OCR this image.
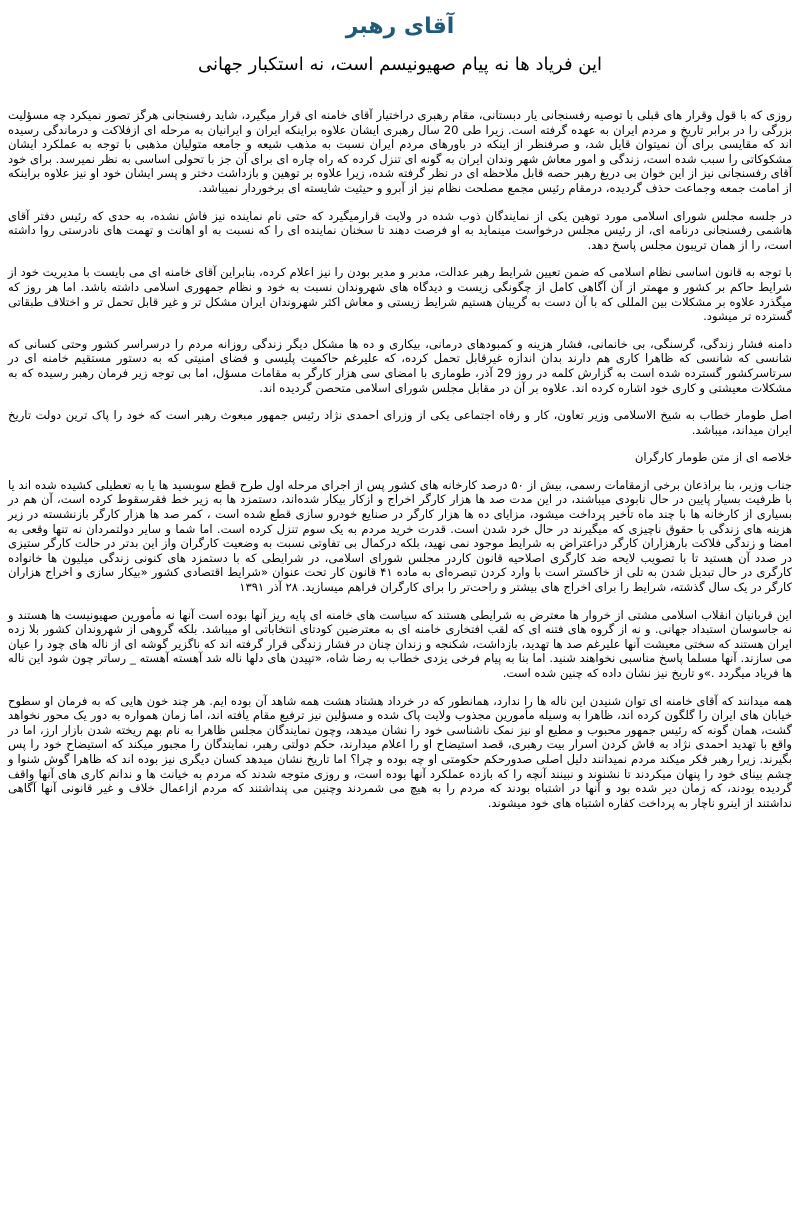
آقای رهبر
این فریاد ها نه پیام صهیونیسم است، نه استکبار جهانی

روزی که با قول وقرار های قبلی با توصیه رفسنجانی یار دبستانی، مقام رهبری دراختیار آقای خامنه ای قرار میگیرد، شاید رفسنجانی هرگز تصور نمیکرد چه مسؤلیت بزرگی را در برابر تاریخ و مردم ایران به عهده گرفته است. زیرا طی 20 سال رهبری ایشان علاوه براینکه ایران و ایرانیان به مرحله ای ازفلاکت و درماندگی رسیده اند که مقایسی برای آن نمیتوان قایل شد، و صرفنظر از اینکه در باورهای مردم ایران نسبت به مذهب شیعه و جامعه متولیان مذهبی با توجه به عملکرد ایشان مشکوکاتی را سبب شده است، زندگی و امور معاش شهر وندان ایران به گونه ای تنزل کرده که راه چاره ای برای آن جز با تحولی اساسی به نظر نمیرسد. برای خود آقای رفسنجانی نیز از این خوان بی دریغ رهبر حصه قابل ملاحظه ای در نظر گرفته شده، زیرا علاوه بر توهین و بازداشت دختر و پسر ایشان خود او نیز علاوه براینکه از امامت جمعه وجماعت حذف گردیده، درمقام رئیس مجمع مصلحت نظام نیز از آبرو و حیثیت شایسته ای برخوردار نمیباشد.

در جلسه مجلس شورای اسلامی مورد توهین یکی از نمایندگان ذوب شده در ولایت قرارمیگیرد که حتی نام نماینده نیز فاش نشده، به حدی که رئیس دفتر آقای هاشمی رفسنجانی درنامه ای، از رئیس مجلس درخواست مینماید به او فرصت دهند تا سخنان نماینده ای را که نسبت به او اهانت و تهمت های نادرستی روا داشته است، را از همان تریبون مجلس پاسخ دهد.

با توجه به قانون اساسی نظام اسلامی که ضمن تعیین شرایط رهبر عدالت، مدبر و مدیر بودن را نیز اعلام کرده، بنابراین آقای خامنه ای می بایست با مدیریت خود از شرایط حاکم بر کشور و مهمتر از آن آگاهی کامل از چگونگی زیست و دیدگاه های شهروندان نسبت به خود و نظام جمهوری اسلامی داشته باشد. اما هر روز که میگذرد علاوه بر مشکلات بین المللی که با آن دست به گریبان هستیم شرایط زیستی و معاش اکثر شهروندان ایران مشکل تر و غیر قابل تحمل تر و اختلاف طبقاتی گسترده تر میشود.

دامنه فشار زندگی، گرسنگی، بی خانمانی، فشار هزینه و کمبودهای درمانی، بیکاری و ده ها مشکل دیگر زندگی روزانه مردم را درسراسر کشور وحتی کسانی که شانسی که شانسی که ظاهرا کاری هم دارند بدان اندازه غیرقابل تحمل کرده، که علیرغم حاکمیت پلیسی و فضای امنیتی که به دستور مستقیم خامنه ای در سرتاسرکشور گسترده شده است به گزارش کلمه در روز 29 آذر، طوماری با امضای سی هزار کارگر به مقامات مسؤل، اما بی توجه زیر فرمان رهبر رسیده که به مشکلات معیشتی و کاری خود اشاره کرده اند. علاوه بر آن در مقابل مجلس شورای اسلامی متحصن گردیده اند.

اصل طومار خطاب به شیخ الاسلامی وزیر تعاون، کار و رفاه اجتماعی یکی از وزرای احمدی نژاد رئیس جمهور مبعوث رهبر است که خود را پاک ترین دولت تاریخ ایران میداند، میباشد.

خلاصه ای از متن طومار کارگران

جناب وزیر، بنا براذعان برخی ازمقامات رسمی، بیش از ۵۰ درصد کارخانه های کشور پس از اجرای مرحله اول طرح قطع سوبسید ها یا به تعطیلی کشیده شده اند یا با ظرفیت بسیار پایین در حال نابودی میباشند، در این مدت صد ها هزار کارگر اخراج و ازکار بیکار شده‌اند، دستمزد ها به زیر خط فقرسقوط کرده است، آن هم در بسیاری از کارخانه ها با چند ماه تأخیر پرداخت میشود، مزایای ده ها هزار کارگر در صنایع خودرو سازی قطع شده است ، کمر صد ها هزار کارگر بازنشسته در زیر هزینه های زندگی با حقوق ناچیزی که میگیرند در حال خرد شدن است. قدرت خرید مردم به یک سوم تنزل کرده است. اما شما و سایر دولتمردان نه تنها وقعی به امضا و زندگی فلاکت بارهزاران کارگر دراعتراض به شرایط موجود نمی نهید، بلکه درکمال بی تفاوتی نسبت به وضعیت کارگران واز این بدتر در حالت کارگر ستیزی در صدد آن هستید تا با تصویب لایحه ضد کارگری اصلاحیه قانون کاردر مجلس شورای اسلامی، در شرایطی که با دستمزد های کنونی زندگی میلیون ها خانواده کارگری در حال تبدیل شدن به تلی از خاکستر است با وارد کردن تبصره‌ای به ماده ۴۱ قانون کار تحت عنوان «شرایط اقتصادی کشور «بیکار سازی و اخراج هزاران کارگر در یک سال گذشته، شرایط را برای اخراج های بیشتر و راحت‌تر را برای کارگران فراهم میسازید. ۲۸ آذر ۱۳۹۱

این قربانیان انقلاب اسلامی مشتی از خروار ها معترض به شرایطی هستند که سیاست های خامنه ای پایه ریز آنها بوده است آنها نه مأمورین صهیونیست ها هستند و نه جاسوسان استبداد جهانی. و نه از گروه های فتنه ای که لقب افتخاری خامنه ای به معترضین کودتای انتخاباتی او میباشد. بلکه گروهی از شهروندان کشور بلا زده ایران هستند که سختی معیشت آنها علیرغم صد ها تهدید، بازداشت، شکنجه و زندان چنان در فشار زندگی قرار گرفته اند که ناگزیر گوشه ای از ناله های چود را عیان می سازند. آنها مسلما پاسخ مناسبی نخواهند شنید. اما بنا به پیام فرخی یزدی خطاب به رضا شاه، «تپیدن های دلها ناله شد آهسته آهسته _ رساتر چون شود این ناله ها فریاد میگردد .»و تاریخ نیز نشان داده که چنین شده است.

همه میدانند که آقای خامنه ای توان شنیدن این ناله ها را ندارد، همانطور که در خرداد هشتاد هشت همه شاهد آن بوده ایم. هر چند خون هایی که به فرمان او سطوح خیابان های ایران را گلگون کرده اند، ظاهرا به وسیله مأمورین مجذوب ولایت پاک شده و مسؤلین نیز ترفیع مقام یافته اند، اما زمان همواره به دور یک محور نخواهد گشت، همان گونه که رئیس جمهور محبوب و مطیع او نیز نمک ناشناسی خود را نشان میدهد، وچون نمایندگان مجلس ظاهرا به نام بهم ریخته شدن بازار ارز، اما در واقع با تهدید احمدی نژاد به فاش کردن اسرار بیت رهبری، قصد استیضاح او را اعلام میدارند، حکم دولتی رهبر، نمایندگان را مجبور میکند که استیضاح خود را پس بگیرند. زیرا رهبر فکر میکند مردم نمیدانند دلیل اصلی صدورحکم حکومتی او چه بوده و چرا؟ اما تاریخ نشان میدهد کسان دیگری نیز بوده اند که ظاهرا گوش شنوا و چشم بینای خود را پنهان میکردند تا نشنوند و نبینند آنچه را که بازده عملکرد آنها بوده است، و روزی متوجه شدند که مردم به خیانت ها و ندانم کاری های آنها واقف گردیده بودند، که زمان دیر شده بود و آنها در اشتباه بودند که مردم را به هیچ می شمردند وچنین می پنداشتند که مردم ازاعمال خلاف و غیر قانونی آنها آگاهی نداشتند از اینرو ناچار به پرداخت کفاره اشتباه های خود میشوند.
